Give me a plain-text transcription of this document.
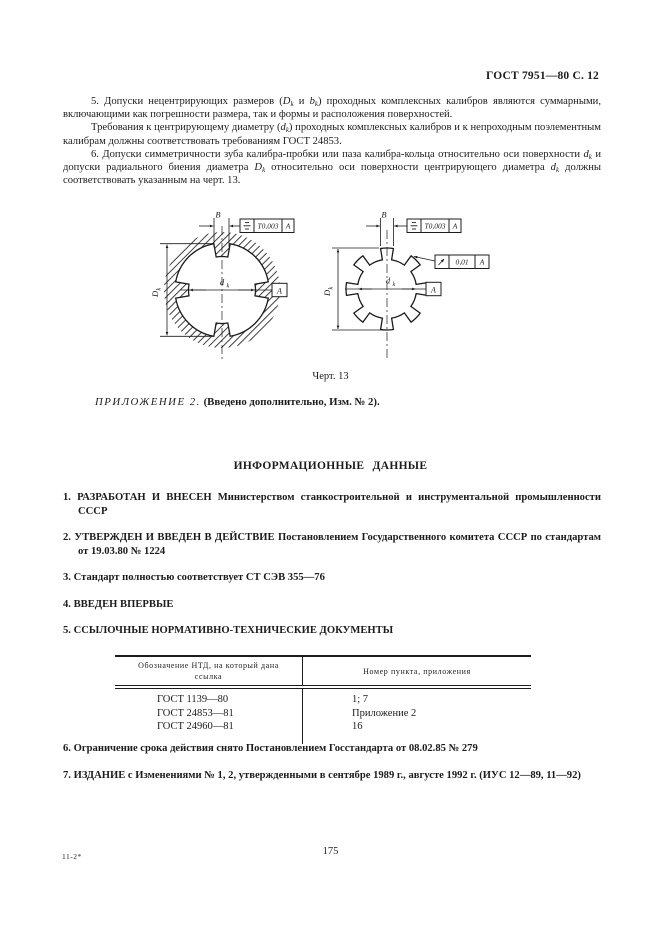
ГОСТ 7951—80 С. 12

5. Допуски нецентрирующих размеров ($D_k$ и $b_k$) проходных комплексных калибров являются суммарными, включающими как погрешности размера, так и формы и расположения поверхностей.

Требования к центрирующему диаметру $(d_k)$ проходных комплексных калибров и к непроходным поэлементным калибрам должны соответствовать требованиям ГОСТ 24853.

6. Допуски симметричности зуба калибра-пробки или паза калибра-кольца относительно оси поверхности $d_k$ и допуски радиального биения диаметра $D_k$ относительно оси поверхности центрирующего диаметра $d_k$ должны соответствовать указанным на черт. 13.

d k
D
k
В
T0,003 А
А
d k
D
k
В
T0,003 А
0,01 А
А
Черт. 13
ПРИЛОЖЕНИЕ 2. (Введено дополнительно, Изм. № 2).
ИНФОРМАЦИОННЫЕ ДАННЫЕ
1. РАЗРАБОТАН И ВНЕСЕН Министерством станкостроительной и инструментальной промышленности СССР
2. УТВЕРЖДЕН И ВВЕДЕН В ДЕЙСТВИЕ Постановлением Государственного комитета СССР по стандартам от 19.03.80 № 1224
3. Стандарт полностью соответствует СТ СЭВ 355—76
4. ВВЕДЕН ВПЕРВЫЕ
5. ССЫЛОЧНЫЕ НОРМАТИВНО-ТЕХНИЧЕСКИЕ ДОКУМЕНТЫ
Обозначение НТД, на который дана ссылка
Номер пункта, приложения
ГОСТ 1139—80
ГОСТ 24853—81
ГОСТ 24960—81
1; 7
Приложение 2
16
6. Ограничение срока действия снято Постановлением Госстандарта от 08.02.85 № 279
7. ИЗДАНИЕ с Изменениями № 1, 2, утвержденными в сентябре 1989 г., августе 1992 г. (ИУС 12—89, 11—92)
11-2*	175
